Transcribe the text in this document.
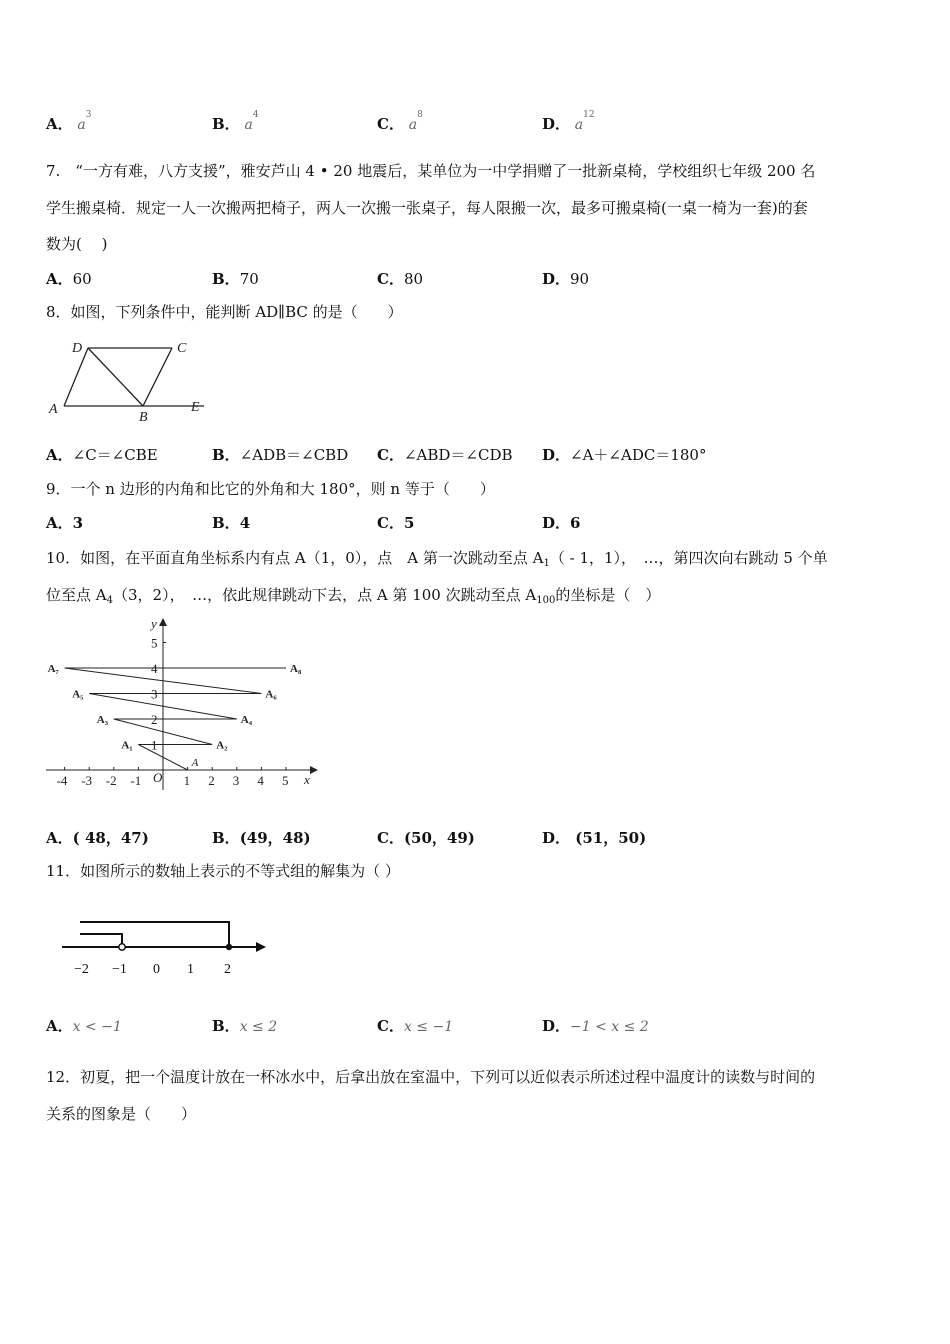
A． $a^3$	B． $a^4$	C． $a^8$	D． $a^{12}$
7.　“一方有难，八方支援”，雅安芦山 4 • 20 地震后，某单位为一中学捐赠了一批新桌椅，学校组织七年级 200 名
学生搬桌椅．规定一人一次搬两把椅子，两人一次搬一张桌子，每人限搬一次，最多可搬桌椅(一桌一椅为一套)的套
数为(　 )
A．60	B．70	C．80	D．90
8．如图，下列条件中，能判断 AD∥BC 的是（　　）
D	C
A
B
E
A．∠C＝∠CBE	B．∠ADB＝∠CBD C．∠ABD＝∠CDB D．∠A＋∠ADC＝180°
9．一个 n 边形的内角和比它的外角和大 180°，则 n 等于（　　）
A．3	B．4	C．5	D．6
10．如图，在平面直角坐标系内有点 A（1，0），点　A 第一次跳动至点 $A_1( - 1$，1），　…，第四次向右跳动 5 个单
位至点 $A_4(3$，2），　…，依此规律跳动下去，点 A 第 100 次跳动至点 $A_{100}$的坐标是（　）
x
y
O
-4 -3 -2 -1	1 2 3 4 5
1
2
3
4
5
A
A₁	A₂
A₃	A₄
A₅	A₆
A₇	A₈
A．( 48，47)	B．(49，48)	C．(50，49)	D． (51，50)
11．如图所示的数轴上表示的不等式组的解集为（ ）
−2 −1 0 1 2
A．x < −1	B．x ≤ 2	C．x ≤ −1	D．−1 < x ≤ 2
12．初夏，把一个温度计放在一杯冰水中，后拿出放在室温中，下列可以近似表示所述过程中温度计的读数与时间的
关系的图象是（　　）
